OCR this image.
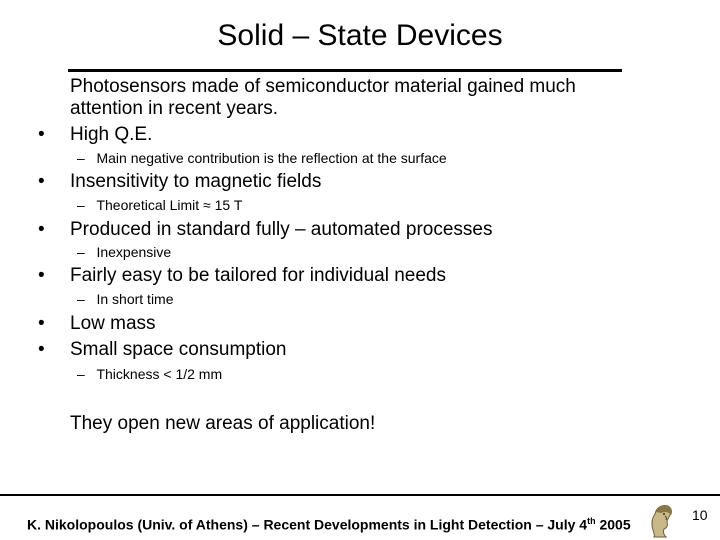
Solid – State Devices
Photosensors made of semiconductor material gained much
attention in recent years.
• High Q.E.
– Main negative contribution is the reflection at the surface
• Insensitivity to magnetic fields
– Theoretical Limit ≈ 15 T
• Produced in standard fully – automated processes
– Inexpensive
• Fairly easy to be tailored for individual needs
– In short time
• Low mass
• Small space consumption
– Thickness < 1/2 mm
They open new areas of application!
K. Nikolopoulos (Univ. of Athens) – Recent Developments in Light Detection – July 4th 2005
10
